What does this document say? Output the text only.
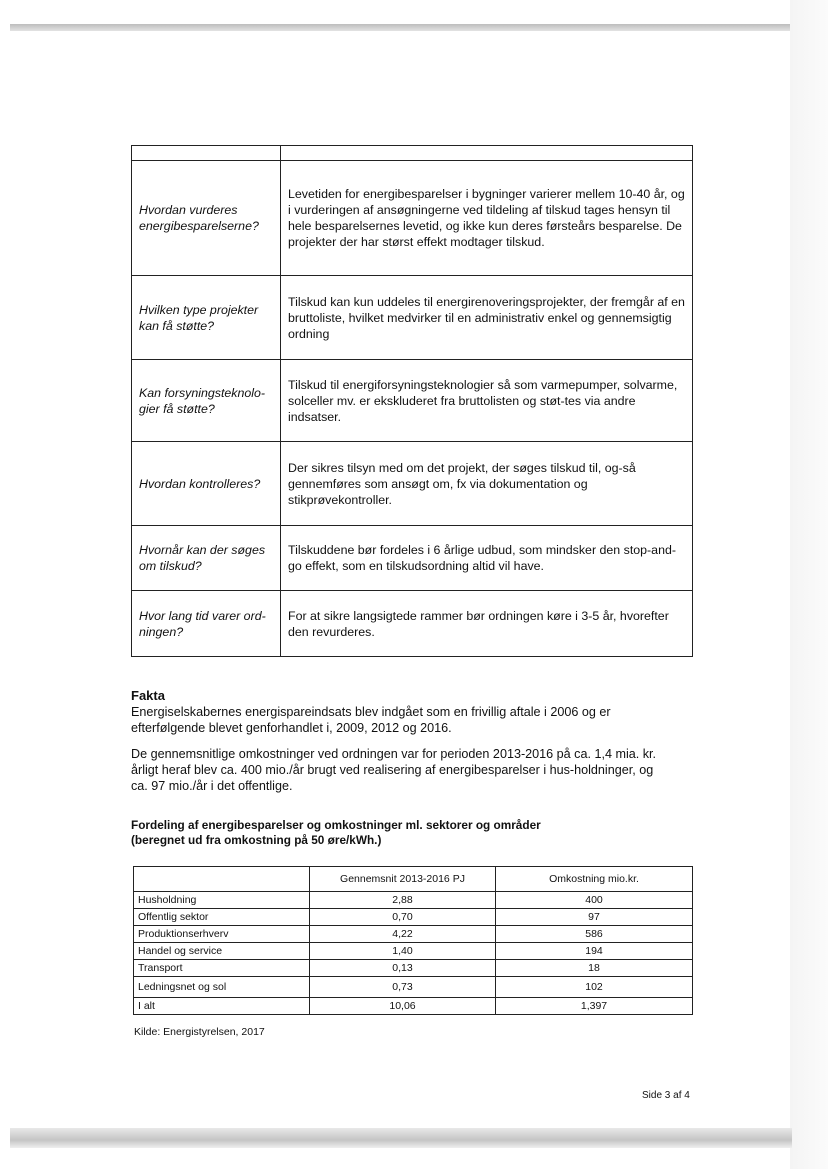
Hvordan vurderes energibesparelserne?	Levetiden for energibesparelser i bygninger varierer mellem 10-40 år, og i vurderingen af ansøgningerne ved tildeling af tilskud tages hensyn til hele besparelsernes levetid, og ikke kun deres førsteårs besparelse. De projekter der har størst effekt modtager tilskud.
Hvilken type projekter kan få støtte?	Tilskud kan kun uddeles til energirenoveringsprojekter, der fremgår af en bruttoliste, hvilket medvirker til en administrativ enkel og gennemsigtig ordning
Kan forsyningsteknolo-gier få støtte?	Tilskud til energiforsyningsteknologier så som varmepumper, solvarme, solceller mv. er ekskluderet fra bruttolisten og støt-tes via andre indsatser.
Hvordan kontrolleres?	Der sikres tilsyn med om det projekt, der søges tilskud til, og-så gennemføres som ansøgt om, fx via dokumentation og stikprøvekontroller.
Hvornår kan der søges om tilskud?	Tilskuddene bør fordeles i 6 årlige udbud, som mindsker den stop-and-go effekt, som en tilskudsordning altid vil have.
Hvor lang tid varer ord-ningen?	For at sikre langsigtede rammer bør ordningen køre i 3-5 år, hvorefter den revurderes.
Fakta

Energiselskabernes energispareindsats blev indgået som en frivillig aftale i 2006 og er efterfølgende blevet genforhandlet i, 2009, 2012 og 2016.

De gennemsnitlige omkostninger ved ordningen var for perioden 2013-2016 på ca. 1,4 mia. kr. årligt heraf blev ca. 400 mio./år brugt ved realisering af energibesparelser i hus-holdninger, og ca. 97 mio./år i det offentlige.

Fordeling af energibesparelser og omkostninger ml. sektorer og områder
(beregnet ud fra omkostning på 50 øre/kWh.)
	Gennemsnit 2013-2016 PJ	Omkostning mio.kr.
Husholdning	2,88	400
Offentlig sektor	0,70	97
Produktionserhverv	4,22	586
Handel og service	1,40	194
Transport	0,13	18
Ledningsnet og sol	0,73	102
I alt	10,06	1,397
Kilde: Energistyrelsen, 2017
Side 3 af 4
